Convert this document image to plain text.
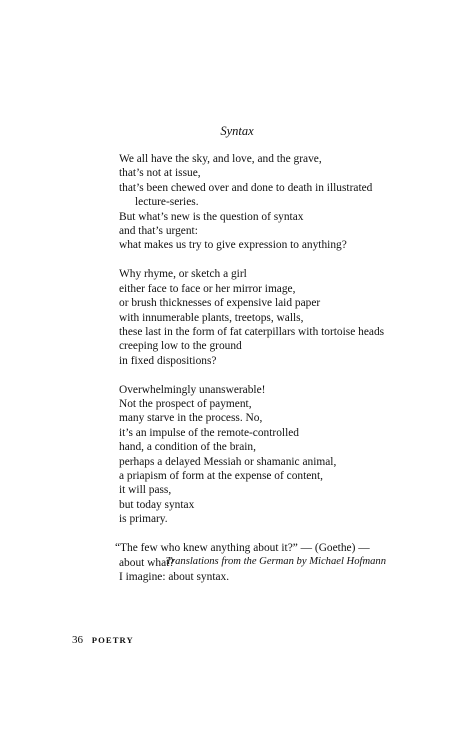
Syntax
We all have the sky, and love, and the grave,
that’s not at issue,
that’s been chewed over and done to death in illustrated
lecture-series.
But what’s new is the question of syntax
and that’s urgent:
what makes us try to give expression to anything?
Why rhyme, or sketch a girl
either face to face or her mirror image,
or brush thicknesses of expensive laid paper
with innumerable plants, treetops, walls,
these last in the form of fat caterpillars with tortoise heads
creeping low to the ground
in fixed dispositions?
Overwhelmingly unanswerable!
Not the prospect of payment,
many starve in the process. No,
it’s an impulse of the remote-controlled
hand, a condition of the brain,
perhaps a delayed Messiah or shamanic animal,
a priapism of form at the expense of content,
it will pass,
but today syntax
is primary.
“The few who knew anything about it?” — (Goethe) —
about what?
I imagine: about syntax.
Translations from the German by Michael Hofmann
36 POETRY
